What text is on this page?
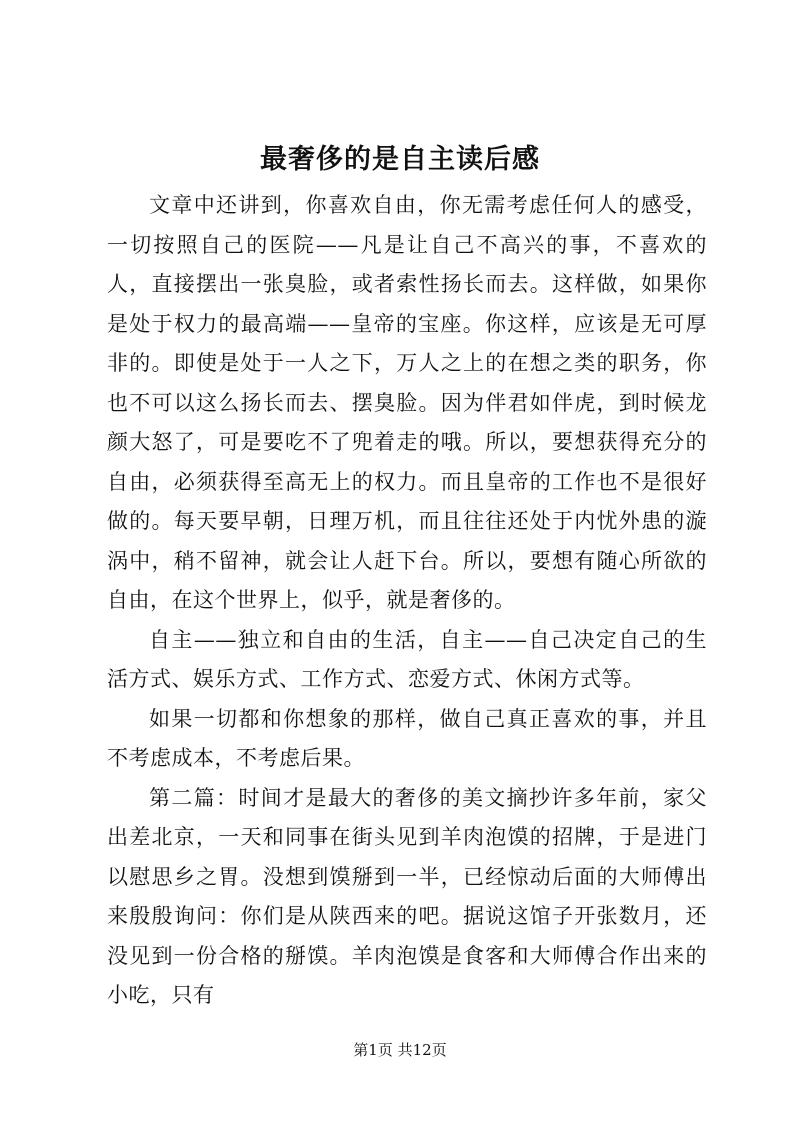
最奢侈的是自主读后感

文章中还讲到，你喜欢自由，你无需考虑任何人的感受，一切按照自己的医院——凡是让自己不高兴的事，不喜欢的人，直接摆出一张臭脸，或者索性扬长而去。这样做，如果你是处于权力的最高端——皇帝的宝座。你这样，应该是无可厚非的。即使是处于一人之下，万人之上的在想之类的职务，你也不可以这么扬长而去、摆臭脸。因为伴君如伴虎，到时候龙颜大怒了，可是要吃不了兜着走的哦。所以，要想获得充分的自由，必须获得至高无上的权力。而且皇帝的工作也不是很好做的。每天要早朝，日理万机，而且往往还处于内忧外患的漩涡中，稍不留神，就会让人赶下台。所以，要想有随心所欲的自由，在这个世界上，似乎，就是奢侈的。

自主——独立和自由的生活，自主——自己决定自己的生活方式、娱乐方式、工作方式、恋爱方式、休闲方式等。

如果一切都和你想象的那样，做自己真正喜欢的事，并且不考虑成本，不考虑后果。

第二篇：时间才是最大的奢侈的美文摘抄许多年前，家父出差北京，一天和同事在街头见到羊肉泡馍的招牌，于是进门以慰思乡之胃。没想到馍掰到一半，已经惊动后面的大师傅出来殷殷询问：你们是从陕西来的吧。据说这馆子开张数月，还没见到一份合格的掰馍。羊肉泡馍是食客和大师傅合作出来的小吃，只有

第1页 共12页
